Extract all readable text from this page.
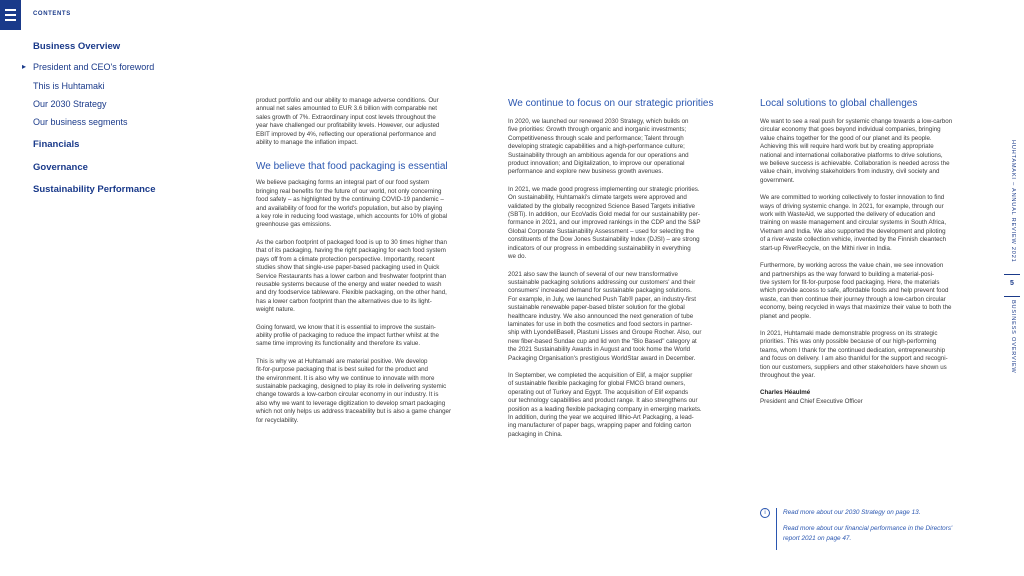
CONTENTS
Business Overview
▸ President and CEO's foreword
This is Huhtamaki
Our 2030 Strategy
Our business segments
Financials
Governance
Sustainability Performance

product portfolio and our ability to manage adverse conditions. Our
annual net sales amounted to EUR 3.6 billion with comparable net
sales growth of 7%. Extraordinary input cost levels throughout the
year have challenged our profitability levels. However, our adjusted
EBIT improved by 4%, reflecting our operational performance and
ability to manage the inflation impact.

We believe that food packaging is essential

We believe packaging forms an integral part of our food system
bringing real benefits for the future of our world, not only concerning
food safety – as highlighted by the continuing COVID-19 pandemic –
and availability of food for the world's population, but also by playing
a key role in reducing food wastage, which accounts for 10% of global
greenhouse gas emissions.

As the carbon footprint of packaged food is up to 30 times higher than
that of its packaging, having the right packaging for each food system
pays off from a climate protection perspective. Importantly, recent
studies show that single-use paper-based packaging used in Quick
Service Restaurants has a lower carbon and freshwater footprint than
reusable systems because of the energy and water needed to wash
and dry foodservice tableware. Flexible packaging, on the other hand,
has a lower carbon footprint than the alternatives due to its light-
weight nature.

Going forward, we know that it is essential to improve the sustain-
ability profile of packaging to reduce the impact further whilst at the
same time improving its functionality and therefore its value.

This is why we at Huhtamaki are material positive. We develop
fit-for-purpose packaging that is best suited for the product and
the environment. It is also why we continue to innovate with more
sustainable packaging, designed to play its role in delivering systemic
change towards a low-carbon circular economy in our industry. It is
also why we want to leverage digitization to develop smart packaging
which not only helps us address traceability but is also a game changer
for recyclability.

We continue to focus on our strategic priorities

In 2020, we launched our renewed 2030 Strategy, which builds on
five priorities: Growth through organic and inorganic investments;
Competitiveness through scale and performance; Talent through
developing strategic capabilities and a high-performance culture;
Sustainability through an ambitious agenda for our operations and
product innovation; and Digitalization, to improve our operational
performance and explore new business growth avenues.

In 2021, we made good progress implementing our strategic priorities.
On sustainability, Huhtamaki's climate targets were approved and
validated by the globally recognized Science Based Targets initiative
(SBTi). In addition, our EcoVadis Gold medal for our sustainability per-
formance in 2021, and our improved rankings in the CDP and the S&P
Global Corporate Sustainability Assessment – used for selecting the
constituents of the Dow Jones Sustainability Index (DJSI) – are strong
indicators of our progress in embedding sustainability in everything
we do.

2021 also saw the launch of several of our new transformative
sustainable packaging solutions addressing our customers' and their
consumers' increased demand for sustainable packaging solutions.
For example, in July, we launched Push Tab® paper, an industry-first
sustainable renewable paper-based blister solution for the global
healthcare industry. We also announced the next generation of tube
laminates for use in both the cosmetics and food sectors in partner-
ship with LyondellBasell, Plastuni Lisses and Groupe Rocher. Also, our
new fiber-based Sundae cup and lid won the "Bio Based" category at
the 2021 Sustainability Awards in August and took home the World
Packaging Organisation's prestigious WorldStar award in December.

In September, we completed the acquisition of Elif, a major supplier
of sustainable flexible packaging for global FMCG brand owners,
operating out of Turkey and Egypt. The acquisition of Elif expands
our technology capabilities and product range. It also strengthens our
position as a leading flexible packaging company in emerging markets.
In addition, during the year we acquired Illhio-Art Packaging, a lead-
ing manufacturer of paper bags, wrapping paper and folding carton
packaging in China.

Local solutions to global challenges

We want to see a real push for systemic change towards a low-carbon
circular economy that goes beyond individual companies, bringing
value chains together for the good of our planet and its people.
Achieving this will require hard work but by creating appropriate
national and international collaborative platforms to drive solutions,
we believe success is achievable. Collaboration is needed across the
value chain, involving stakeholders from industry, civil society and
government.

We are committed to working collectively to foster innovation to find
ways of driving systemic change. In 2021, for example, through our
work with WasteAid, we supported the delivery of education and
training on waste management and circular systems in South Africa,
Vietnam and India. We also supported the development and piloting
of a river-waste collection vehicle, invented by the Finnish cleantech
start-up RiverRecycle, on the Mithi river in India.

Furthermore, by working across the value chain, we see innovation
and partnerships as the way forward to building a material-posi-
tive system for fit-for-purpose food packaging. Here, the materials
which provide access to safe, affordable foods and help prevent food
waste, can then continue their journey through a low-carbon circular
economy, being recycled in ways that maximize their value to both the
planet and people.

In 2021, Huhtamaki made demonstrable progress on its strategic
priorities. This was only possible because of our high-performing
teams, whom I thank for the continued dedication, entrepreneurship
and focus on delivery. I am also thankful for the support and recogni-
tion our customers, suppliers and other stakeholders have shown us
throughout the year.

Charles Héaulmé

President and Chief Executive Officer

i	Read more about our 2030 Strategy on page 13.
Read more about our financial performance in the Directors'
report 2021 on page 47.
HUHTAMAKI – ANNUAL REVIEW 2021
5
BUSINESS OVERVIEW
